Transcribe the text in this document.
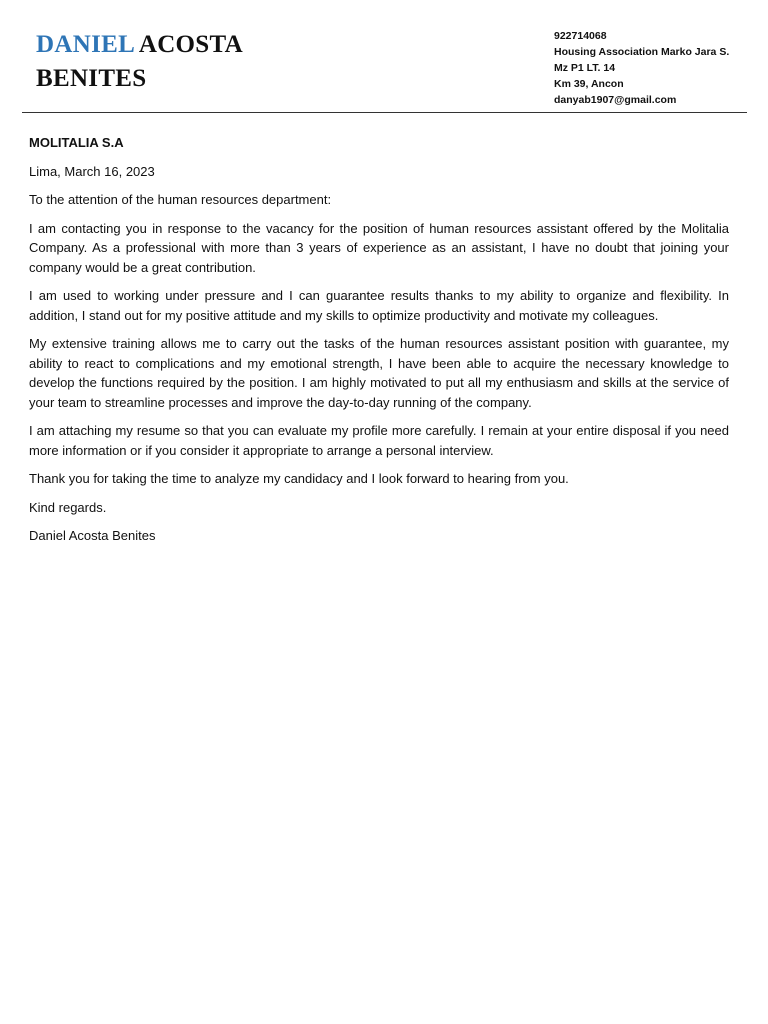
DANIEL ACOSTA
BENITES
922714068
Housing Association Marko Jara S.
Mz P1 LT. 14
Km 39, Ancon
danyab1907@gmail.com

MOLITALIA S.A

Lima, March 16, 2023

To the attention of the human resources department:

I am contacting you in response to the vacancy for the position of human resources assistant offered by the Molitalia Company. As a professional with more than 3 years of experience as an assistant, I have no doubt that joining your company would be a great contribution.

I am used to working under pressure and I can guarantee results thanks to my ability to organize and flexibility. In addition, I stand out for my positive attitude and my skills to optimize productivity and motivate my colleagues.

My extensive training allows me to carry out the tasks of the human resources assistant position with guarantee, my ability to react to complications and my emotional strength, I have been able to acquire the necessary knowledge to develop the functions required by the position. I am highly motivated to put all my enthusiasm and skills at the service of your team to streamline processes and improve the day-to-day running of the company.

I am attaching my resume so that you can evaluate my profile more carefully. I remain at your entire disposal if you need more information or if you consider it appropriate to arrange a personal interview.

Thank you for taking the time to analyze my candidacy and I look forward to hearing from you.

Kind regards.

Daniel Acosta Benites
